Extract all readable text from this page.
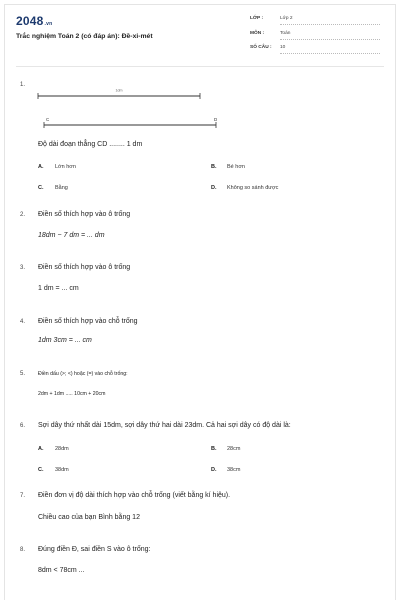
2048.vn
Trắc nghiệm Toán 2 (có đáp án): Đề-xi-mét
LỚP :	Lớp 2
MÔN :	Toán
SỐ CÂU : 10
1.
1dm
C	D
Độ dài đoạn thẳng CD ........ 1 dm
A. Lớn hơn	B. Bé hơn
C. Bằng	D. Không so sánh được
2. Điền số thích hợp vào ô trống
18dm − 7 dm = ... dm
3. Điền số thích hợp vào ô trống
1 dm = ... cm
4. Điền số thích hợp vào chỗ trống
1dm 3cm = ... cm
5. Điền dấu (>; <) hoặc (=) vào chỗ trống:
2dm + 1dm ..... 10cm + 20cm
6. Sợi dây thứ nhất dài 15dm, sợi dây thứ hai dài 23dm. Cả hai sợi dây có độ dài là:
A. 28dm	B. 28cm
C. 38dm	D. 38cm
7. Điền đơn vị độ dài thích hợp vào chỗ trống (viết bằng kí hiệu).
Chiều cao của bạn Bình bằng 12
8. Đúng điền Đ, sai điền S vào ô trống:
8dm < 78cm ...
